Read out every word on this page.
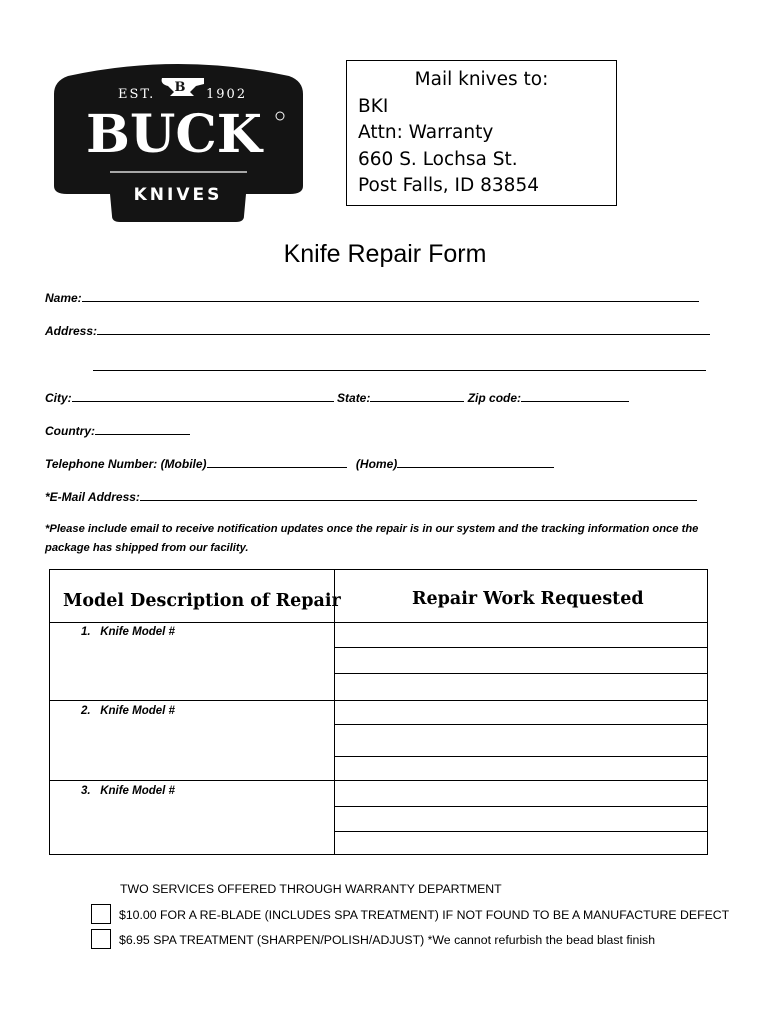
B
EST.	1902
BUCK
KNIVES
Mail knives to:
BKI
Attn: Warranty
660 S. Lochsa St.
Post Falls, ID 83854
Knife Repair Form
Name:
Address:
City:	State:	Zip code:
Country:
Telephone Number: (Mobile)	(Home)
*E-Mail Address:
*Please include email to receive notification updates once the repair is in our system and the tracking information once the package has shipped from our facility.
Model Description of Repair	Repair Work Requested
1. Knife Model #
2. Knife Model #
3. Knife Model #
TWO SERVICES OFFERED THROUGH WARRANTY DEPARTMENT
$10.00 FOR A RE-BLADE (INCLUDES SPA TREATMENT) IF NOT FOUND TO BE A MANUFACTURE DEFECT
$6.95 SPA TREATMENT (SHARPEN/POLISH/ADJUST) *We cannot refurbish the bead blast finish
